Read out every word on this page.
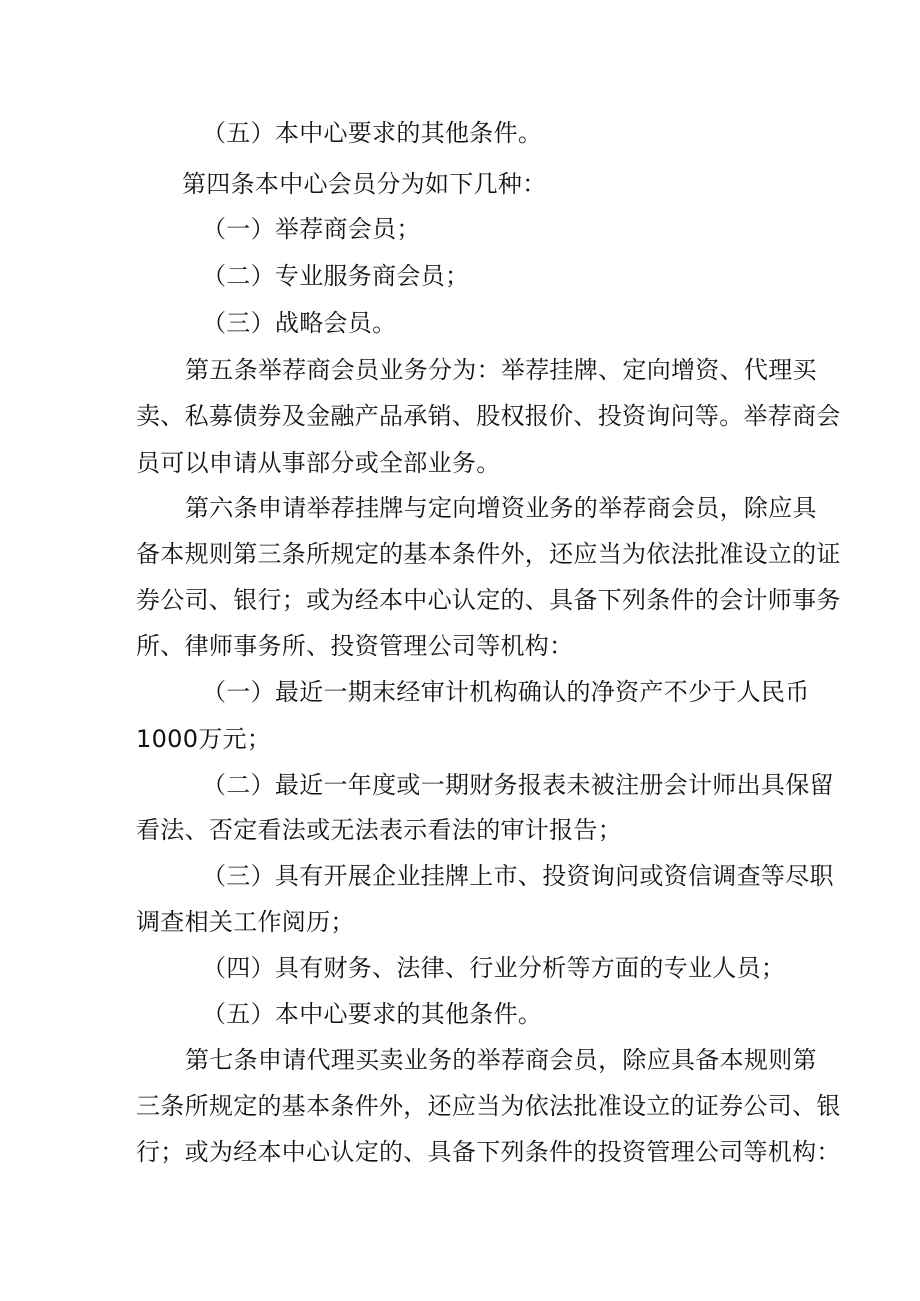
（五）本中心要求的其他条件。
第四条本中心会员分为如下几种：
（一）举荐商会员；
（二）专业服务商会员；
（三）战略会员。
第五条举荐商会员业务分为：举荐挂牌、定向增资、代理买
卖、私募债券及金融产品承销、股权报价、投资询问等。举荐商会
员可以申请从事部分或全部业务。
第六条申请举荐挂牌与定向增资业务的举荐商会员，除应具
备本规则第三条所规定的基本条件外，还应当为依法批准设立的证
券公司、银行；或为经本中心认定的、具备下列条件的会计师事务
所、律师事务所、投资管理公司等机构：
（一）最近一期末经审计机构确认的净资产不少于人民币
1000万元；
（二）最近一年度或一期财务报表未被注册会计师出具保留
看法、否定看法或无法表示看法的审计报告；
（三）具有开展企业挂牌上市、投资询问或资信调查等尽职
调查相关工作阅历；
（四）具有财务、法律、行业分析等方面的专业人员；
（五）本中心要求的其他条件。
第七条申请代理买卖业务的举荐商会员，除应具备本规则第
三条所规定的基本条件外，还应当为依法批准设立的证券公司、银
行；或为经本中心认定的、具备下列条件的投资管理公司等机构：
